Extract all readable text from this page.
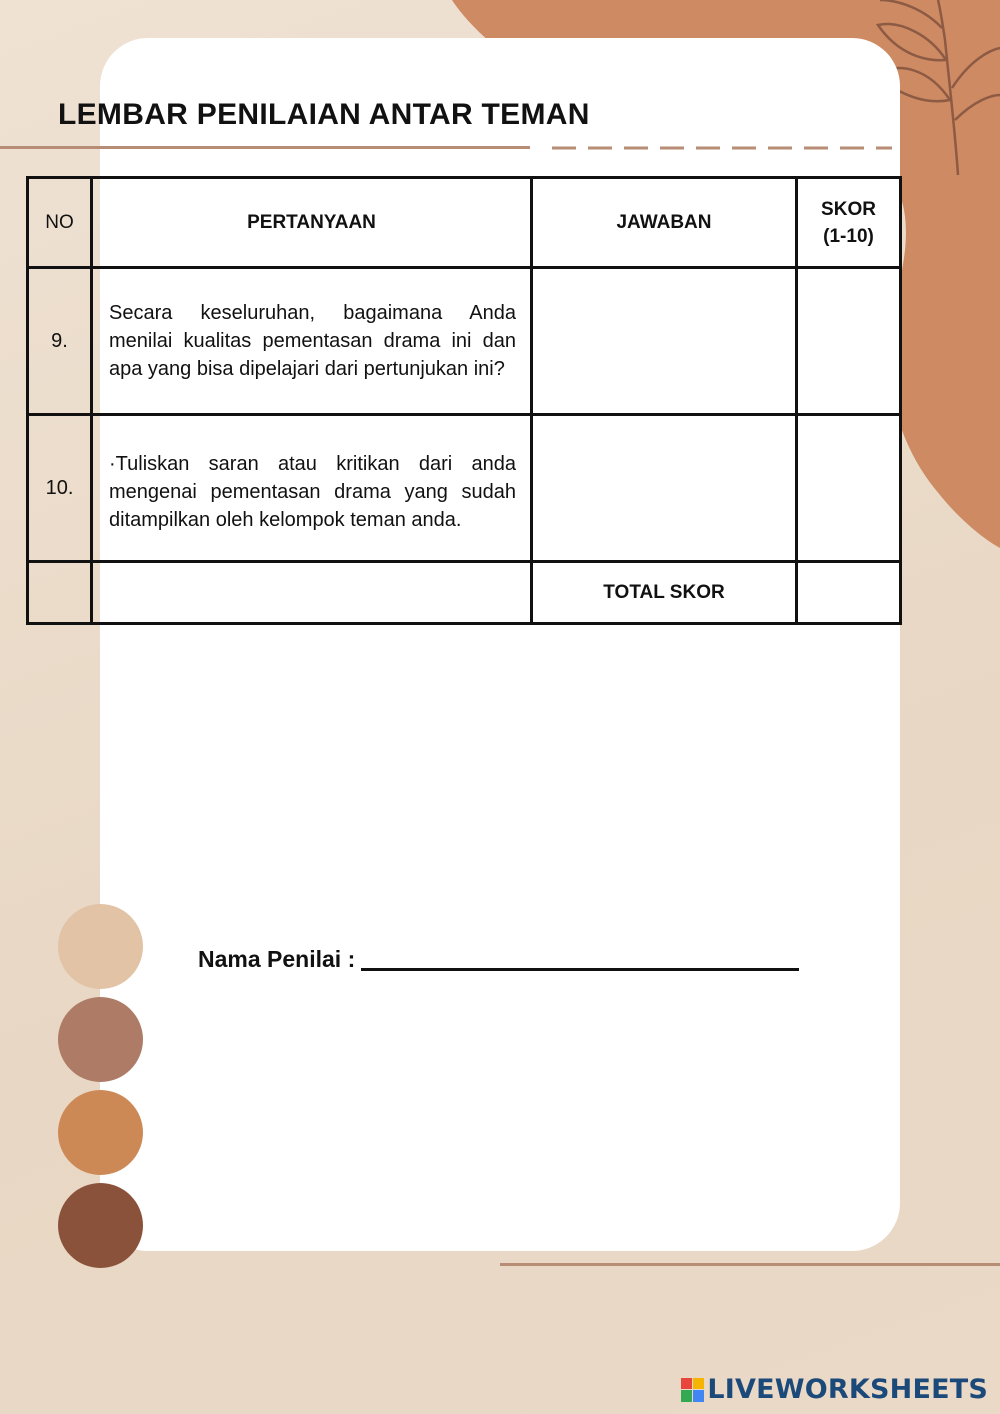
LEMBAR PENILAIAN ANTAR TEMAN
NO	PERTANYAAN	JAWABAN	SKOR
(1-10)

9.	Secara keseluruhan, bagaimana Anda menilai kualitas pementasan drama ini dan apa yang bisa dipelajari dari pertunjukan ini?		
10.	·Tuliskan saran atau kritikan dari anda mengenai pementasan drama yang sudah ditampilkan oleh kelompok teman anda.		
		TOTAL SKOR	
Nama Penilai :
LIVEWORKSHEETS
